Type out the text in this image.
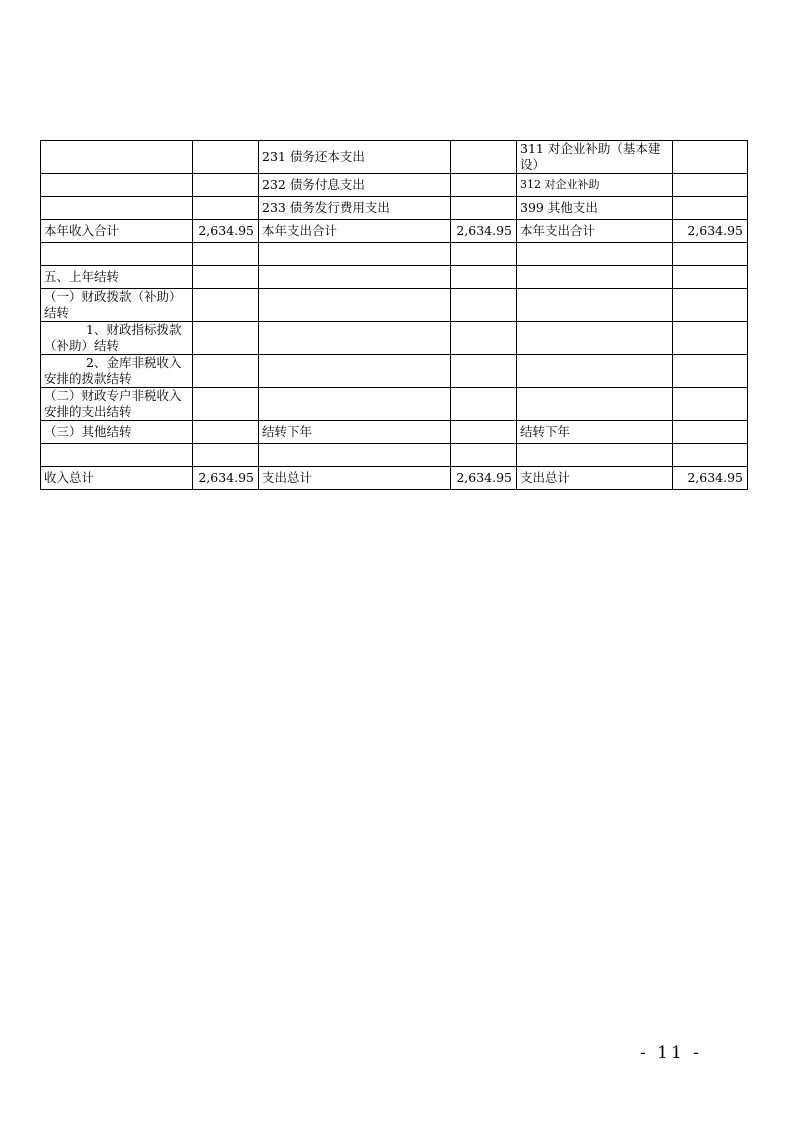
		231 债务还本支出		311 对企业补助（基本建设）	
		232 债务付息支出		312 对企业补助	
		233 债务发行费用支出		399 其他支出	
本年收入合计	2,634.95	本年支出合计	2,634.95	本年支出合计	2,634.95

五、上年结转					
（一）财政拨款（补助）结转					
1、财政指标拨款（补助）结转					
2、金库非税收入安排的拨款结转					
（二）财政专户非税收入安排的支出结转					
（三）其他结转		结转下年		结转下年	

收入总计	2,634.95	支出总计	2,634.95	支出总计	2,634.95
- 11 -
